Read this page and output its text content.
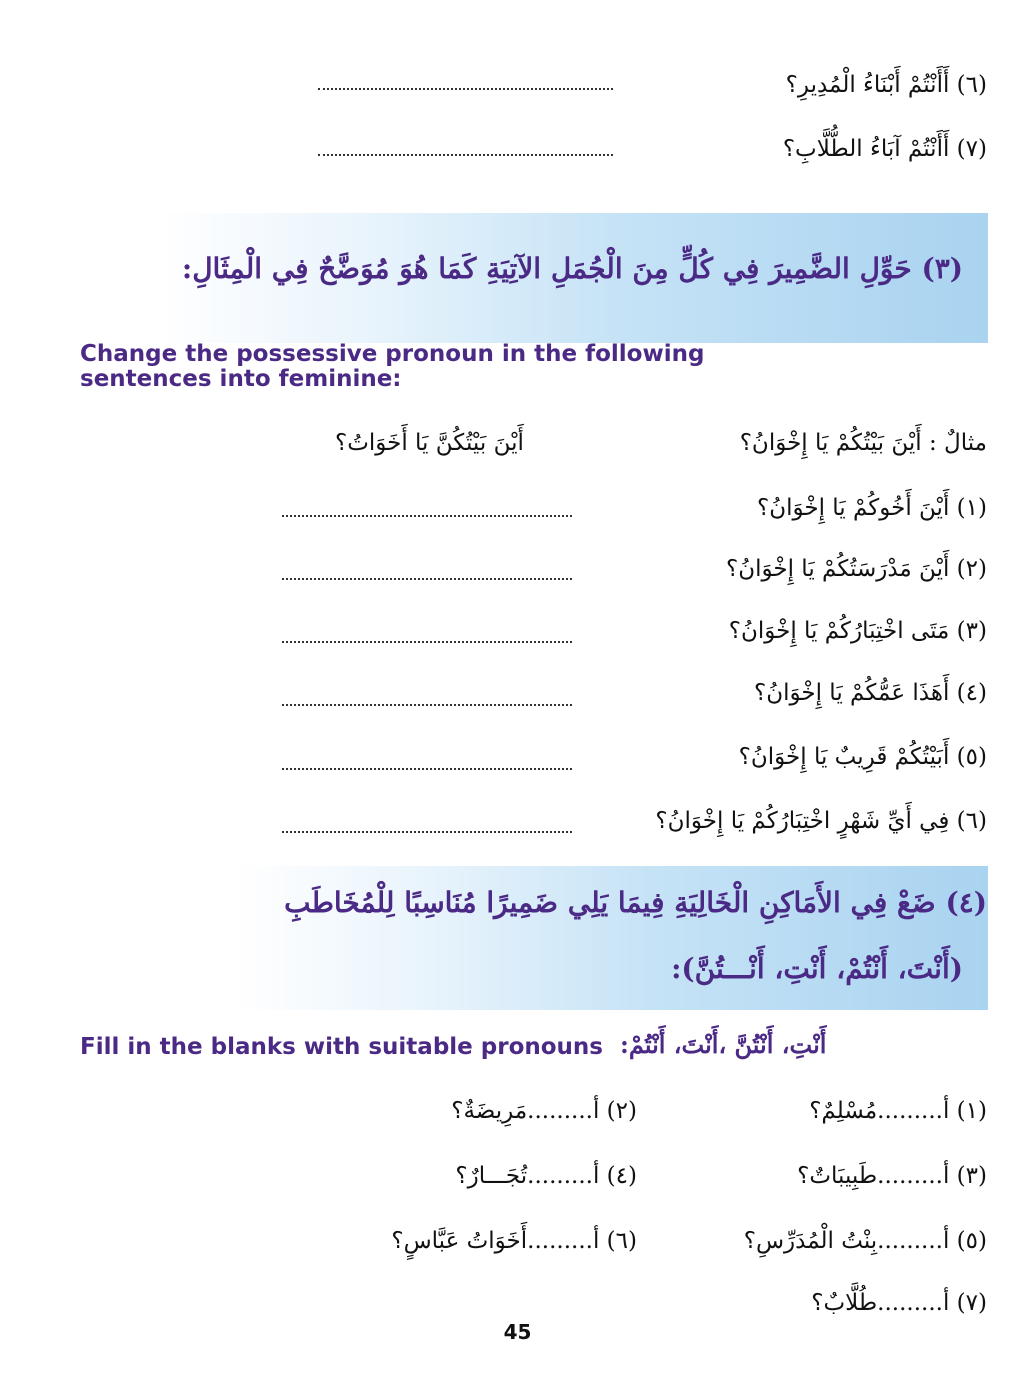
(٦) أَأَنْتُمْ أَبْنَاءُ الْمُدِيرِ؟
(٧) أَأَنْتُمْ آبَاءُ الطُّلَّابِ؟
(٣) حَوِّلِ الضَّمِيرَ فِي كُلٍّ مِنَ الْجُمَلِ الآتِيَةِ كَمَا هُوَ مُوَضَّحٌ فِي الْمِثَالِ:
Change the possessive pronoun in the following
sentences into feminine:
مثالٌ : أَيْنَ بَيْتُكُمْ يَا إِخْوَانُ؟
أَيْنَ بَيْتُكُنَّ يَا أَخَوَاتُ؟
(١) أَيْنَ أَخُوكُمْ يَا إِخْوَانُ؟
(٢) أَيْنَ مَدْرَسَتُكُمْ يَا إِخْوَانُ؟
(٣) مَتَى اخْتِبَارُكُمْ يَا إِخْوَانُ؟
(٤) أَهَذَا عَمُّكُمْ يَا إِخْوَانُ؟
(٥) أَبَيْتُكُمْ قَرِيبٌ يَا إِخْوَانُ؟
(٦) فِي أَيِّ شَهْرٍ اخْتِبَارُكُمْ يَا إِخْوَانُ؟
(٤) ضَعْ فِي الأَمَاكِنِ الْخَالِيَةِ فِيمَا يَلِي ضَمِيرًا مُنَاسِبًا لِلْمُخَاطَبِ
(أَنْتَ، أَنْتُمْ، أَنْتِ، أَنْـــتُنَّ):
Fill in the blanks with suitable pronouns أَنْتِ، أَنْتُنَّ ،أَنْتَ، أَنْتُمْ:
(١) أ.........مُسْلِمٌ؟
(٣) أ.........طَبِيبَاتٌ؟
(٥) أ.........بِنْتُ الْمُدَرِّسِ؟
(٧) أ.........طُلَّابٌ؟
(٢) أ.........مَرِيضَةٌ؟
(٤) أ.........تُجَـــارٌ؟
(٦) أ.........أَخَوَاتُ عَبَّاسٍ؟
45
